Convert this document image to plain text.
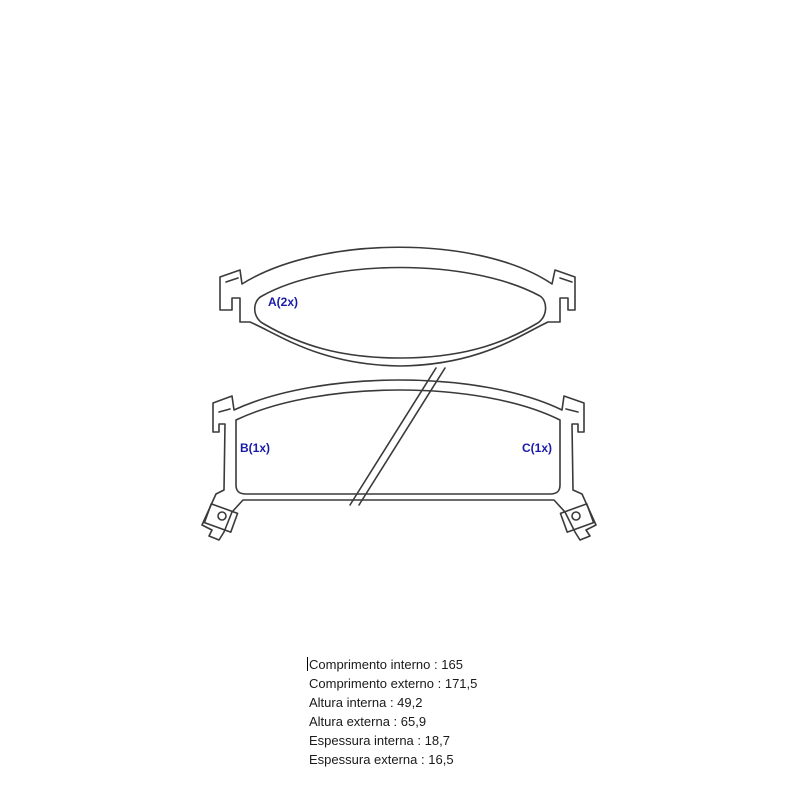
A(2x)
B(1x)	C(1x)
Comprimento interno : 165
Comprimento externo : 171,5
Altura interna : 49,2
Altura externa : 65,9
Espessura interna : 18,7
Espessura externa : 16,5
